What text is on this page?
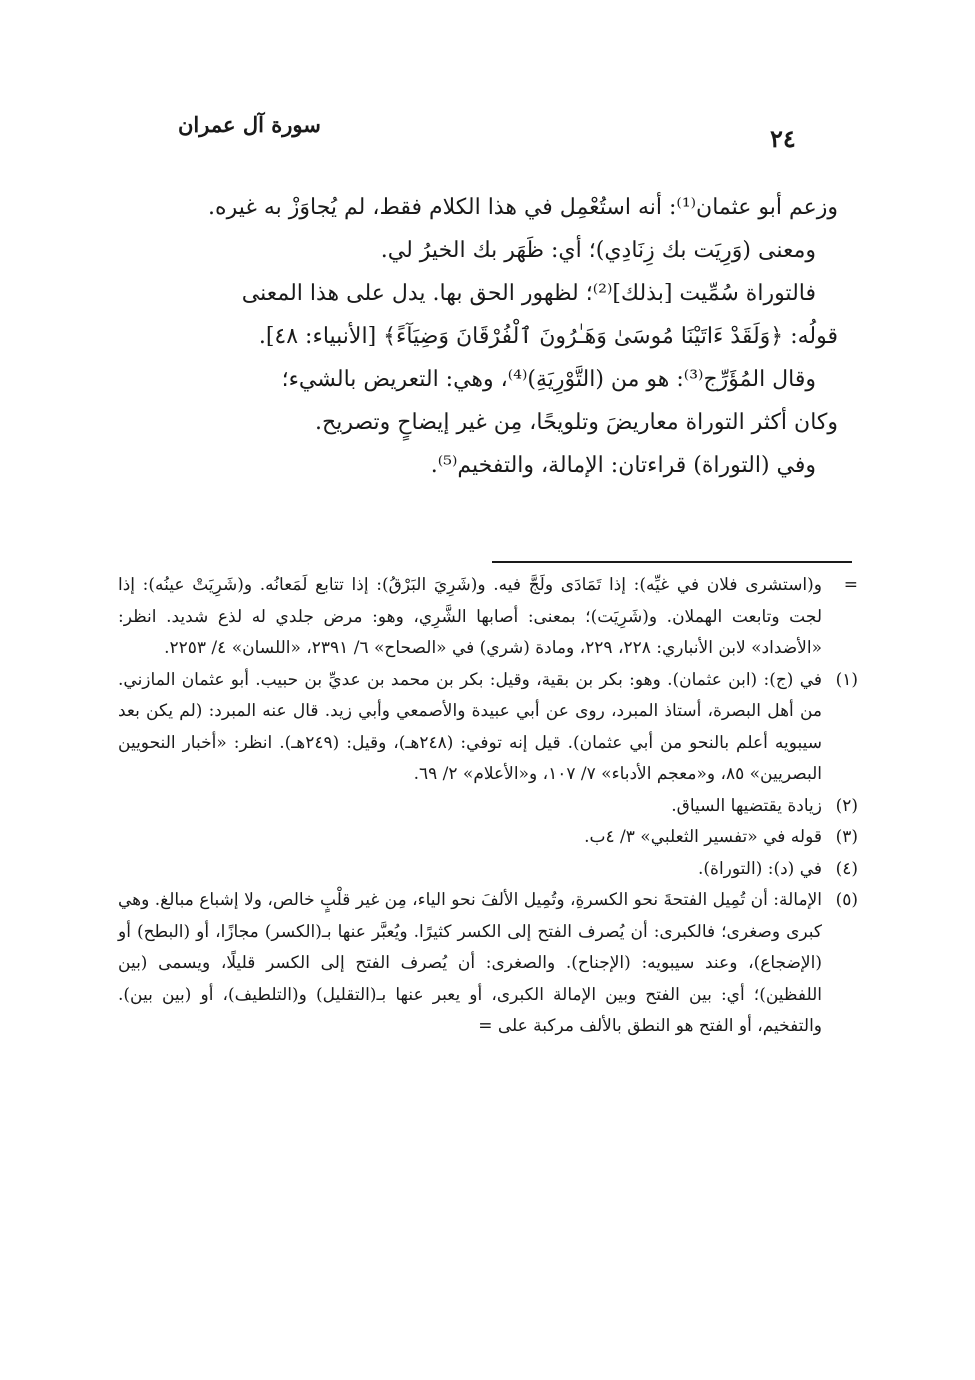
سورة آل عمران	٢٤

وزعم أبو عثمان⁽¹⁾: أنه استُعْمِل في هذا الكلام فقط، لم يُجاوَزْ به غيره.

ومعنى (وَرِيَت بك زِنَادِي)؛ أي: ظَهَر بك الخيرُ لي.

فالتوراة سُمِّيت [بذلك]⁽²⁾؛ لظهور الحق بها. يدل على هذا المعنى

قولُه: ﴿وَلَقَدْ ءَاتَيْنَا مُوسَىٰ وَهَـٰرُونَ ٱلْفُرْقَانَ وَضِيَآءً﴾ [الأنبياء: ٤٨].

وقال المُؤَرِّج⁽³⁾: هو من (التَّوْرِيَةِ)⁽⁴⁾، وهي: التعريض بالشيء؛

وكان أكثر التوراة معاريضَ وتلويحًا، مِن غير إيضاحٍ وتصريح.

وفي (التوراة) قراءتان: الإمالة، والتفخيم⁽⁵⁾.

=
و(استشرى فلان في غيِّه): إذا تَمَادَى ولَجَّ فيه. و(شَرِيَ البَرْقُ): إذا تتابع لَمَعانُه. و(شَرِيَتْ عينُه): إذا لجت وتابعت الهملان. و(شَرِيَت)؛ بمعنى: أصابها الشَّرِي، وهو: مرض جلدي له لذع شديد. انظر: «الأضداد» لابن الأنباري: ٢٢٨، ٢٢٩، ومادة (شري) في «الصحاح» ٦/ ٢٣٩١، «اللسان» ٤/ ٢٢٥٣.
(١)
في (ج): (ابن عثمان). وهو: بكر بن بقية، وقيل: بكر بن محمد بن عديِّ بن حبيب. أبو عثمان المازني. من أهل البصرة، أستاذ المبرد، روى عن أبي عبيدة والأصمعي وأبي زيد. قال عنه المبرد: (لم يكن بعد سيبويه أعلم بالنحو من أبي عثمان). قيل إنه توفي: (٢٤٨هـ)، وقيل: (٢٤٩هـ). انظر: «أخبار النحويين البصريين» ٨٥، و«معجم الأدباء» ٧/ ١٠٧، و«الأعلام» ٢/ ٦٩.
(٢)
زيادة يقتضيها السياق.
(٣)
قوله في «تفسير الثعلبي» ٣/ ٤ب.
(٤)
في (د): (التوراة).
(٥)
الإمالة: أن تُمِيل الفتحةَ نحو الكسرةِ، وتُمِيل الألفَ نحو الياء، مِن غير قلْبٍ خالص، ولا إشباع مبالغ. وهي كبرى وصغرى؛ فالكبرى: أن يُصرف الفتح إلى الكسر كثيرًا. ويُعبَّر عنها بـ(الكسر) مجازًا، أو (البطح) أو (الإضجاع)، وعند سيبويه: (الإجناح). والصغرى: أن يُصرف الفتح إلى الكسر قليلًا، ويسمى (بين اللفظين)؛ أي: بين الفتح وبين الإمالة الكبرى، أو يعبر عنها بـ(التقليل) و(التلطيف)، أو (بين بين). والتفخيم، أو الفتح هو النطق بالألف مركبة على =
